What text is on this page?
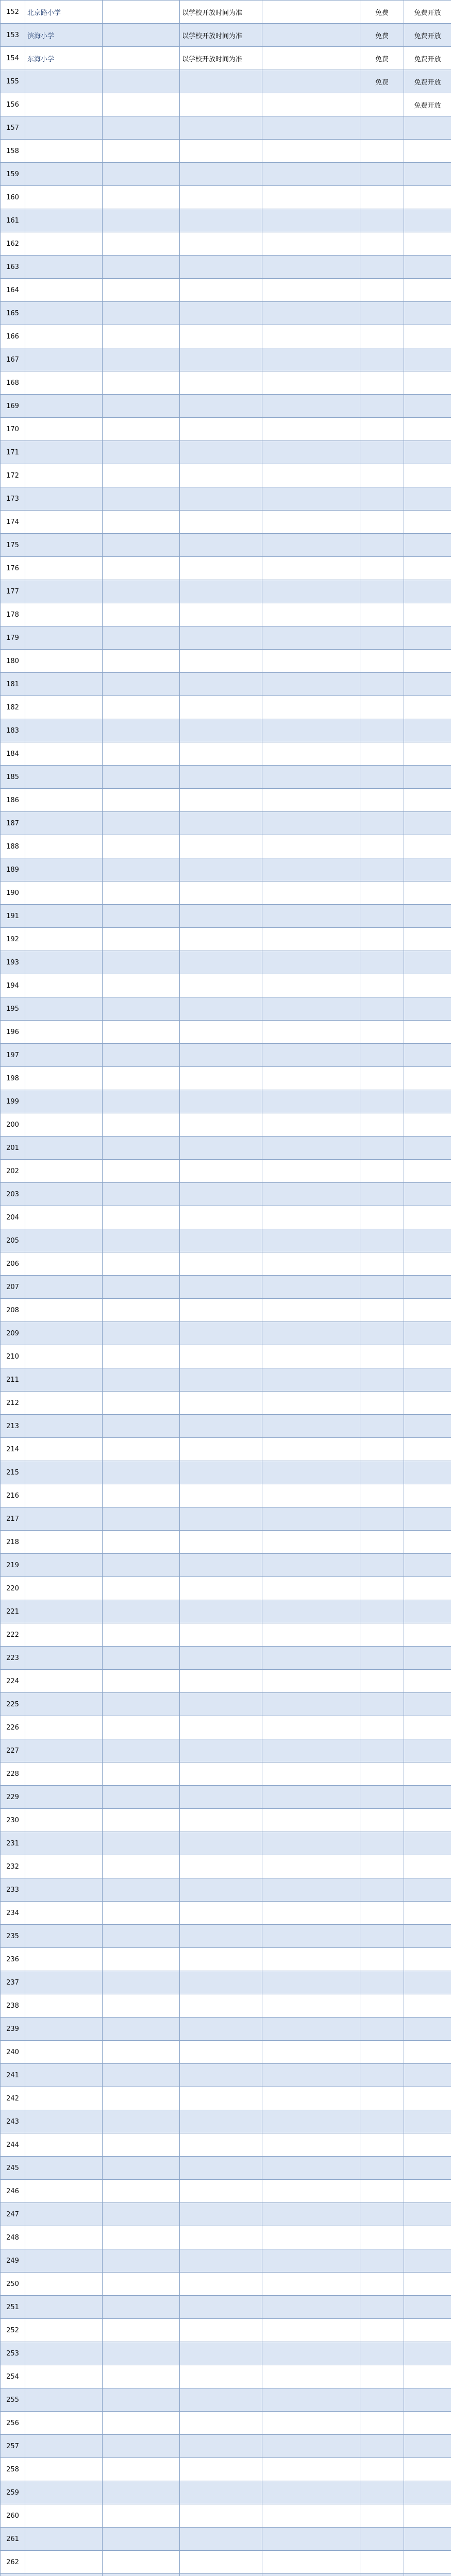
152	北京路小学		以学校开放时间为准		免费	免费开放
153	滨海小学		以学校开放时间为准		免费	免费开放
154	东海小学		以学校开放时间为准		免费	免费开放
155					免费	免费开放
156						免费开放
157						
158						
159						
160						
161						
162						
163						
164						
165						
166						
167						
168						
169						
170						
171						
172						
173						
174						
175						
176						
177						
178						
179						
180						
181						
182						
183						
184						
185						
186						
187						
188						
189						
190						
191						
192						
193						
194						
195						
196						
197						
198						
199						
200						
201						
202						
203						
204						
205						
206						
207						
208						
209						
210						
211						
212						
213						
214						
215						
216						
217						
218						
219						
220						
221						
222						
223						
224						
225						
226						
227						
228						
229						
230						
231						
232						
233						
234						
235						
236						
237						
238						
239						
240						
241						
242						
243						
244						
245						
246						
247						
248						
249						
250						
251						
252						
253						
254						
255						
256						
257						
258						
259						
260						
261						
262						
